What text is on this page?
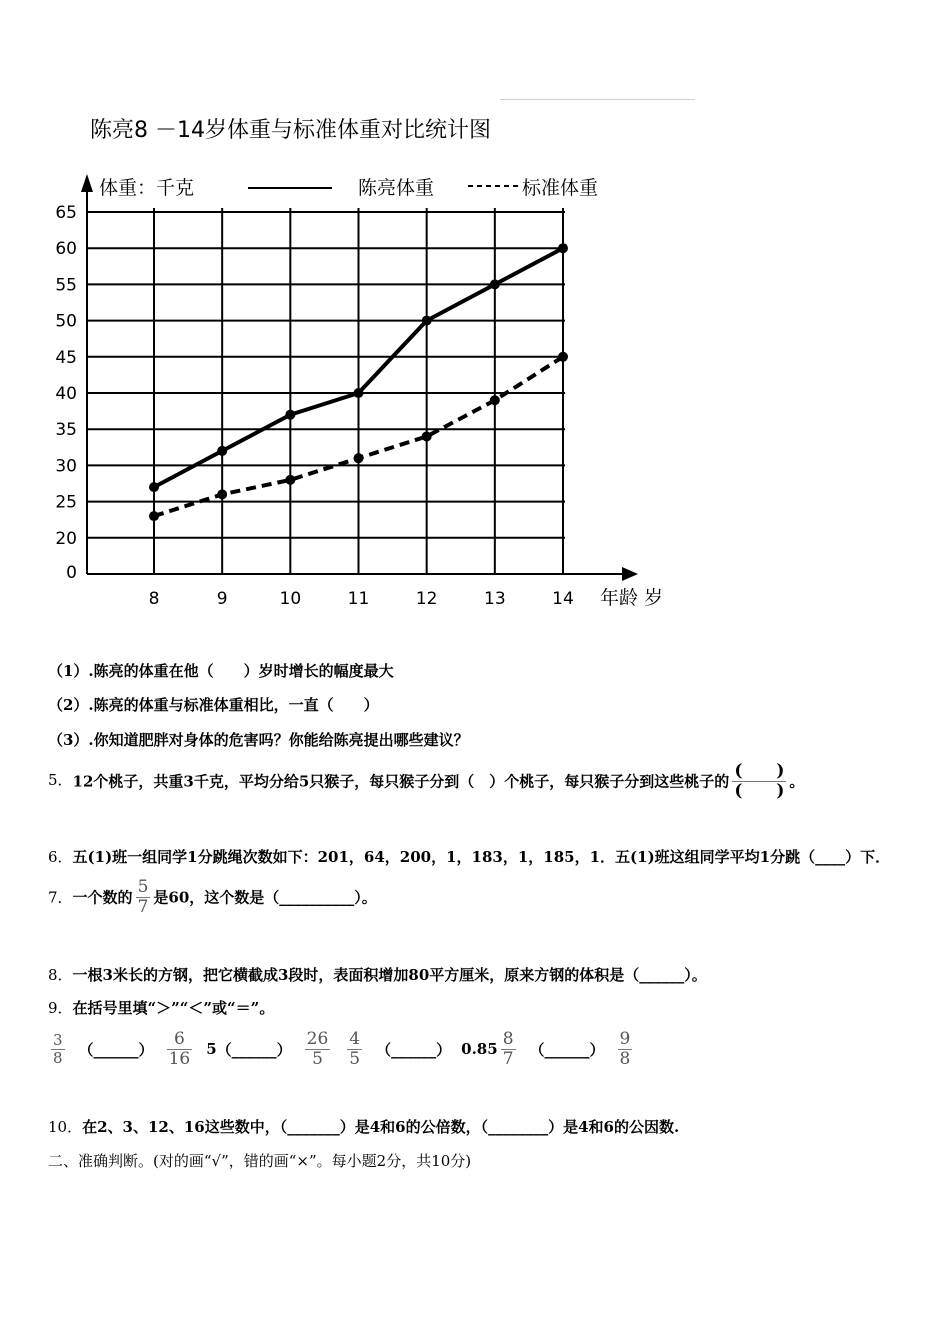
陈亮8 －14岁体重与标准体重对比统计图
陈亮体重	标准体重
0
20
25
30
35
40
45
50
55
60
65
8	9	10	11	12	13	14 年龄 岁
体重：千克
（1）.陈亮的体重在他（　　）岁时增长的幅度最大
（2）.陈亮的体重与标准体重相比，一直（　　）
（3）.你知道肥胖对身体的危害吗？你能给陈亮提出哪些建议？
5．12个桃子，共重3千克，平均分给5只猴子，每只猴子分到（　）个桃子，每只猴子分到这些桃子的 $\frac{( )}{( )}$ 。
6．五(1)班一组同学1分跳绳次数如下：201，64，200，1，183，1，185，1．五(1)班这组同学平均1分跳（____）下．
7．一个数的 $\frac{5}{7}$ 是60，这个数是（__________）。
8．一根3米长的方钢，把它横截成3段时，表面积增加80平方厘米，原来方钢的体积是（______）。
9．在括号里填“＞”“＜”或“＝”。
$\frac{3}{8}$ （______） $\frac{6}{16}$ 5（______） $\frac{26}{5} \frac{4}{5}$ （______） $0.85 \frac{8}{7}$ （______） $\frac{9}{8}$
10．在2、3、12、16这些数中，（_______）是4和6的公倍数，（________）是4和6的公因数.
二、准确判断。(对的画“√”，错的画“×”。每小题2分，共10分)
